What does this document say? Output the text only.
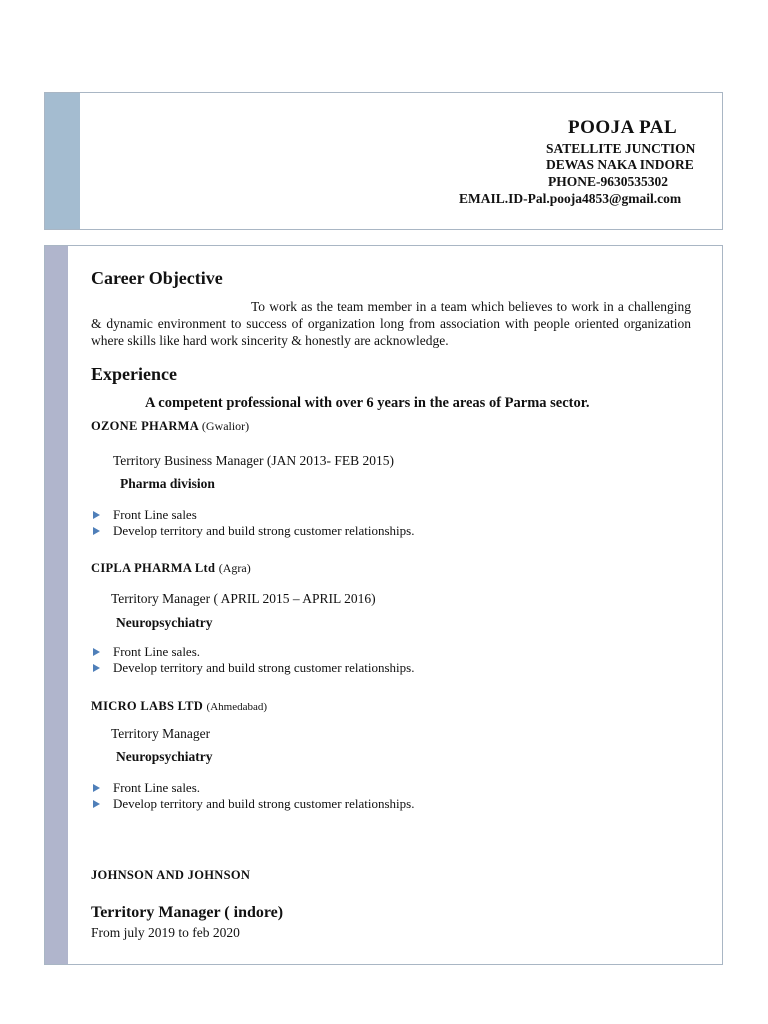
POOJA PAL
SATELLITE JUNCTION
DEWAS NAKA INDORE
PHONE-9630535302
EMAIL.ID-Pal.pooja4853@gmail.com
Career Objective
To work as the team member in a team which believes to work in a challenging & dynamic environment to success of organization long from association with people oriented organization where skills like hard work sincerity & honestly are acknowledge.
Experience
A competent professional with over 6 years in the areas of Parma sector.
OZONE PHARMA (Gwalior)
Territory Business Manager (JAN 2013- FEB 2015)
Pharma division
Front Line sales
Develop territory and build strong customer relationships.
CIPLA PHARMA Ltd (Agra)
Territory Manager ( APRIL 2015 – APRIL 2016)
Neuropsychiatry
Front Line sales.
Develop territory and build strong customer relationships.
MICRO LABS LTD (Ahmedabad)
Territory Manager
Neuropsychiatry
Front Line sales.
Develop territory and build strong customer relationships.
JOHNSON AND JOHNSON
Territory Manager ( indore)
From july 2019 to feb 2020
